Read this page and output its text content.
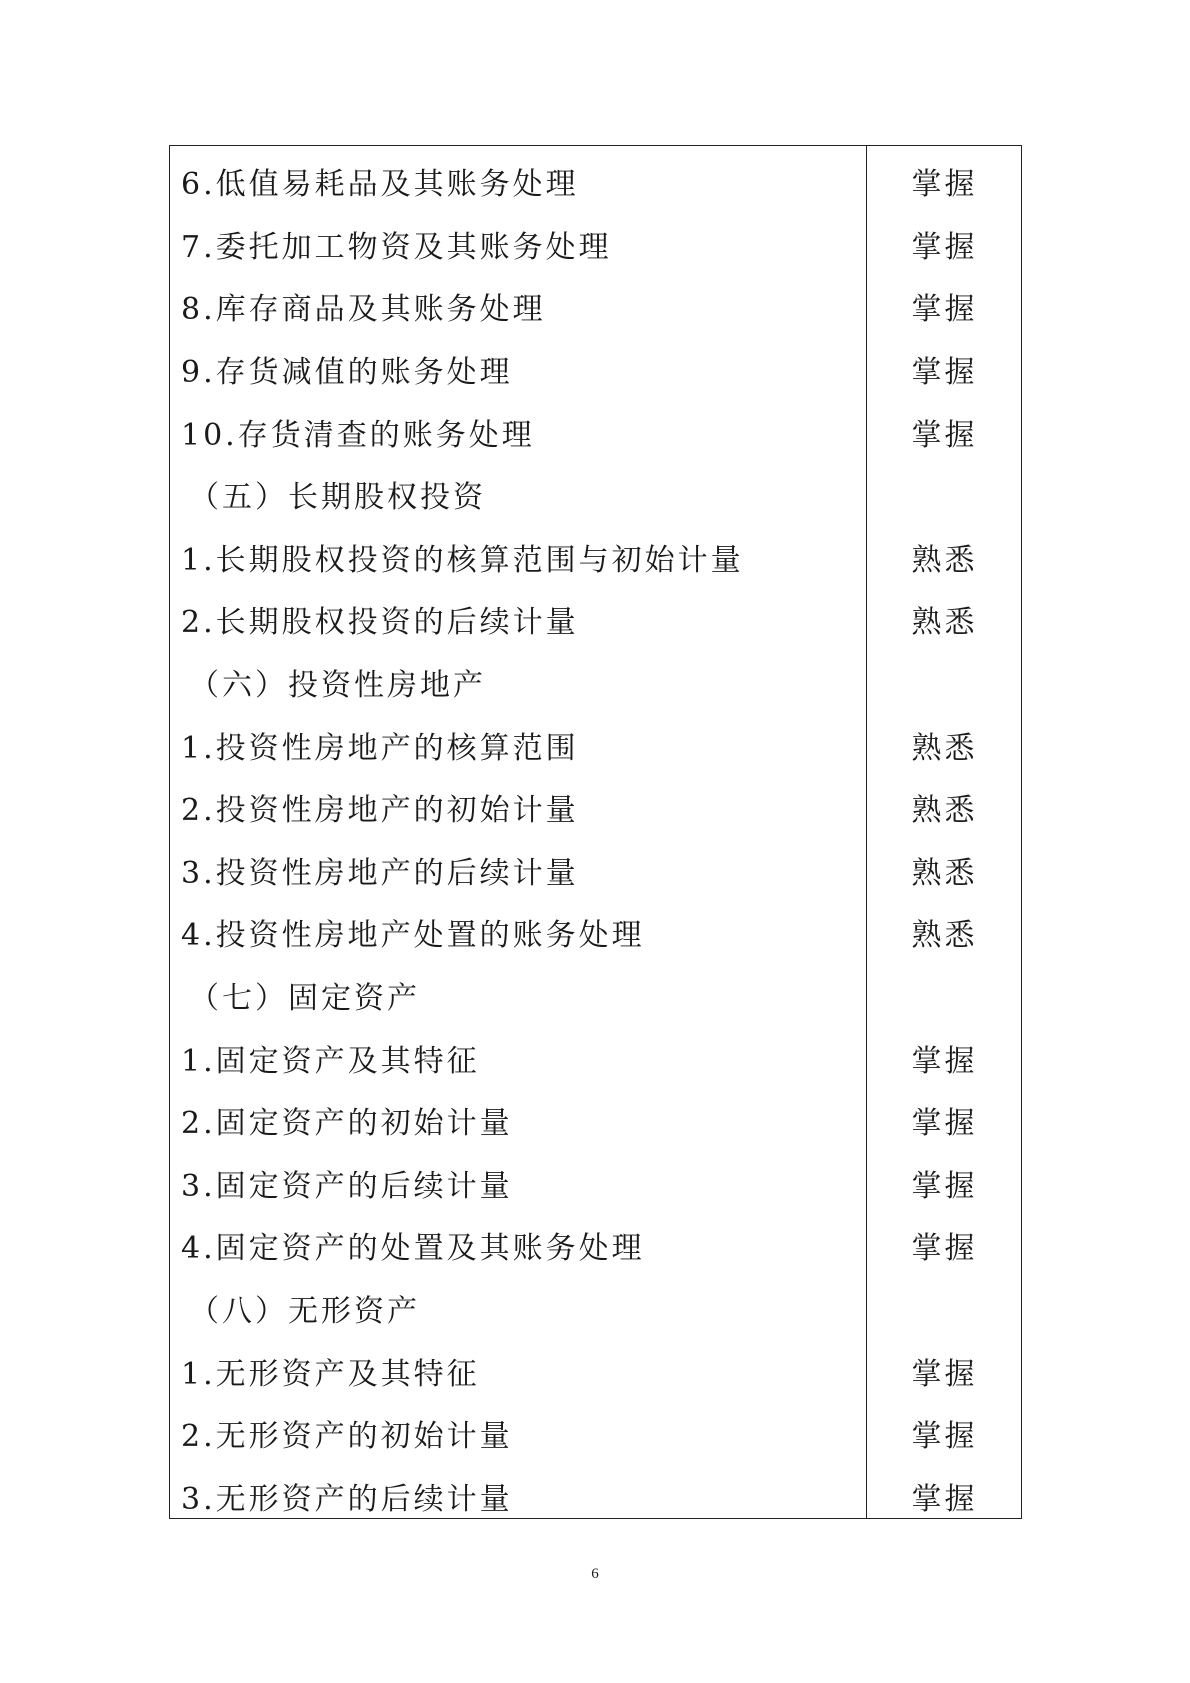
6.低值易耗品及其账务处理	掌握
7.委托加工物资及其账务处理	掌握
8.库存商品及其账务处理	掌握
9.存货减值的账务处理	掌握
10.存货清查的账务处理	掌握
（五）长期股权投资
1.长期股权投资的核算范围与初始计量	熟悉
2.长期股权投资的后续计量	熟悉
（六）投资性房地产
1.投资性房地产的核算范围	熟悉
2.投资性房地产的初始计量	熟悉
3.投资性房地产的后续计量	熟悉
4.投资性房地产处置的账务处理	熟悉
（七）固定资产
1.固定资产及其特征	掌握
2.固定资产的初始计量	掌握
3.固定资产的后续计量	掌握
4.固定资产的处置及其账务处理	掌握
（八）无形资产
1.无形资产及其特征	掌握
2.无形资产的初始计量	掌握
3.无形资产的后续计量	掌握
6
